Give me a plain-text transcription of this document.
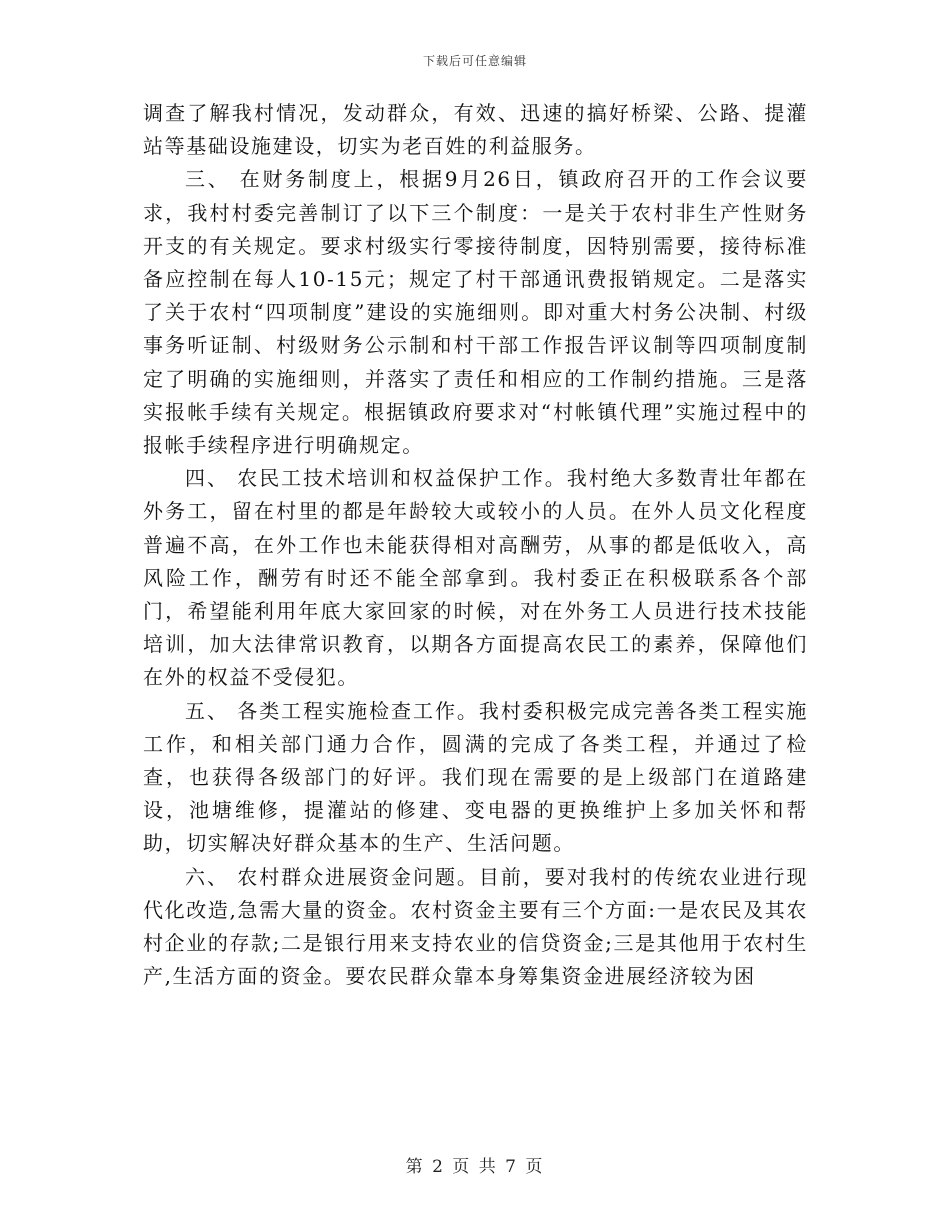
下载后可任意编辑

调查了解我村情况，发动群众，有效、迅速的搞好桥梁、公路、提灌站等基础设施建设，切实为老百姓的利益服务。

三、 在财务制度上，根据9月26日，镇政府召开的工作会议要求，我村村委完善制订了以下三个制度：一是关于农村非生产性财务开支的有关规定。要求村级实行零接待制度，因特别需要，接待标准备应控制在每人10-15元；规定了村干部通讯费报销规定。二是落实了关于农村“四项制度”建设的实施细则。即对重大村务公决制、村级事务听证制、村级财务公示制和村干部工作报告评议制等四项制度制定了明确的实施细则，并落实了责任和相应的工作制约措施。三是落实报帐手续有关规定。根据镇政府要求对“村帐镇代理”实施过程中的报帐手续程序进行明确规定。

四、 农民工技术培训和权益保护工作。我村绝大多数青壮年都在外务工，留在村里的都是年龄较大或较小的人员。在外人员文化程度普遍不高，在外工作也未能获得相对高酬劳，从事的都是低收入，高风险工作，酬劳有时还不能全部拿到。我村委正在积极联系各个部门，希望能利用年底大家回家的时候，对在外务工人员进行技术技能培训，加大法律常识教育，以期各方面提高农民工的素养，保障他们在外的权益不受侵犯。

五、 各类工程实施检查工作。我村委积极完成完善各类工程实施工作，和相关部门通力合作，圆满的完成了各类工程，并通过了检查，也获得各级部门的好评。我们现在需要的是上级部门在道路建设，池塘维修，提灌站的修建、变电器的更换维护上多加关怀和帮助，切实解决好群众基本的生产、生活问题。

六、 农村群众进展资金问题。目前，要对我村的传统农业进行现代化改造,急需大量的资金。农村资金主要有三个方面:一是农民及其农村企业的存款;二是银行用来支持农业的信贷资金;三是其他用于农村生产,生活方面的资金。要农民群众靠本身筹集资金进展经济较为困

第 2 页 共 7 页
